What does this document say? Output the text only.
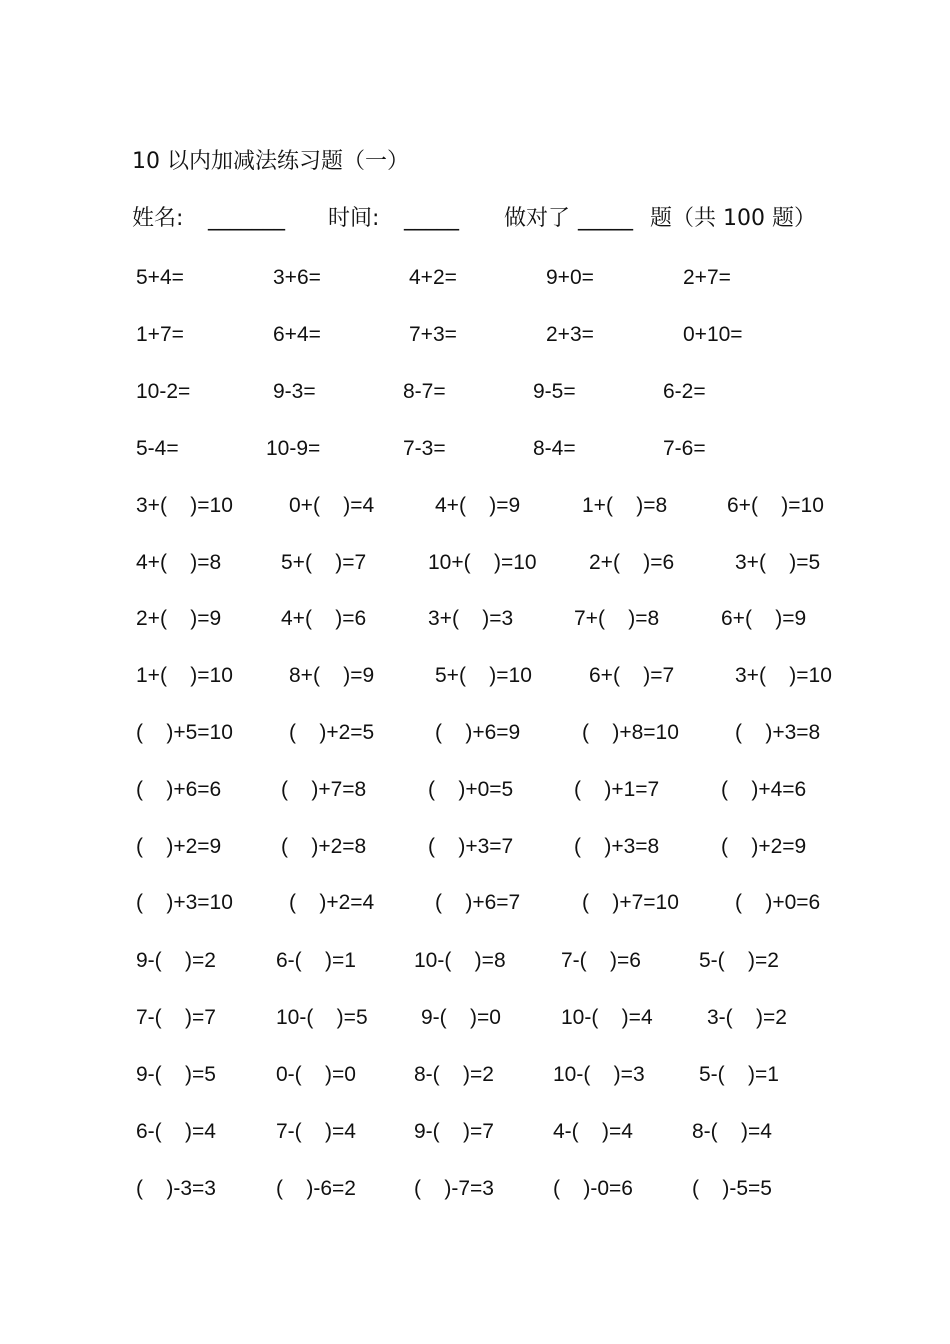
10 以内加减法练习题（一）
姓名: _______ 时间: _____ 做对了 _____ 题（共 100 题）
5+4=	3+6=	4+2=	9+0=	2+7=
1+7=	6+4=	7+3=	2+3=	0+10=
10-2=	9-3=	8-7=	9-5=	6-2=
5-4=	10-9=	7-3=	8-4=	7-6=
3+(    )=10	0+(    )=4	4+(    )=9	1+(    )=8	6+(    )=10
4+(    )=8	5+(    )=7	10+(    )=10 2+(    )=6	3+(    )=5
2+(    )=9	4+(    )=6	3+(    )=3	7+(    )=8	6+(    )=9
1+(    )=10	8+(    )=9	5+(    )=10	6+(    )=7	3+(    )=10
(    )+5=10	(    )+2=5	(    )+6=9	(    )+8=10	(    )+3=8
(    )+6=6	(    )+7=8	(    )+0=5	(    )+1=7	(    )+4=6
(    )+2=9	(    )+2=8	(    )+3=7	(    )+3=8	(    )+2=9
(    )+3=10	(    )+2=4	(    )+6=7	(    )+7=10	(    )+0=6
9-(    )=2	6-(    )=1	10-(    )=8	7-(    )=6	5-(    )=2
7-(    )=7	10-(    )=5	9-(    )=0	10-(    )=4	3-(    )=2
9-(    )=5	0-(    )=0	8-(    )=2	10-(    )=3	5-(    )=1
6-(    )=4	7-(    )=4	9-(    )=7	4-(    )=4	8-(    )=4
(    )-3=3	(    )-6=2	(    )-7=3	(    )-0=6	(    )-5=5
